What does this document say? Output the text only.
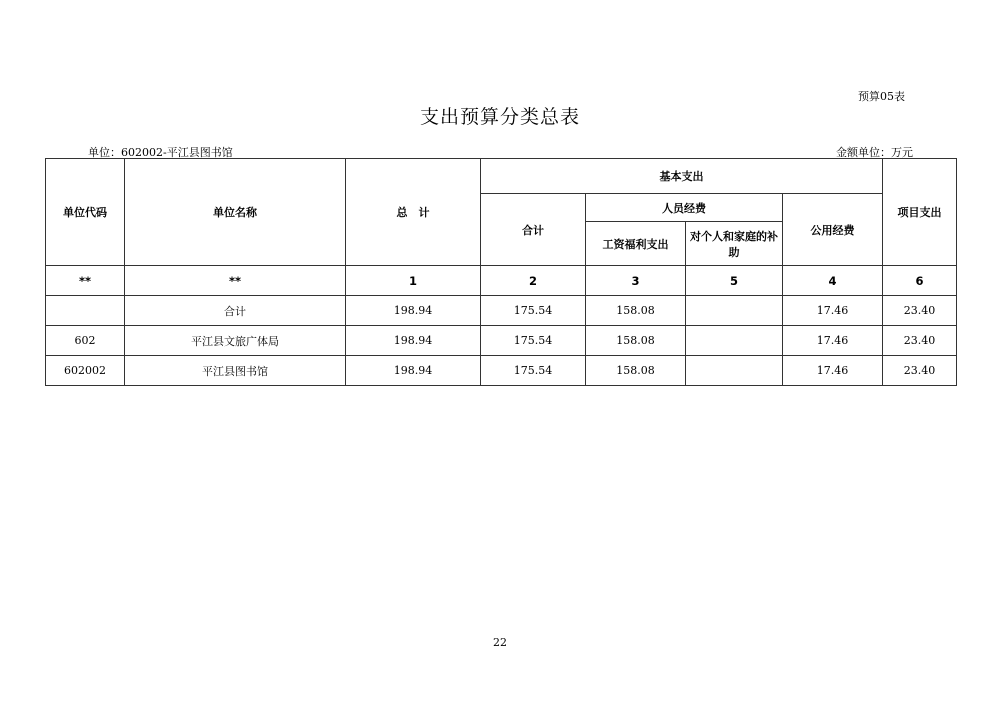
预算05表
支出预算分类总表
单位：602002-平江县图书馆	金额单位：万元
单位代码	单位名称	总　计	基本支出				项目支出
			合计	人员经费		公用经费	
				工资福利支出	对个人和家庭的补助		
**	**	1	2	3	5	4	6
	合计	198.94	175.54	158.08		17.46	23.40
602	平江县文旅广体局	198.94	175.54	158.08		17.46	23.40
602002	平江县图书馆	198.94	175.54	158.08		17.46	23.40
22
